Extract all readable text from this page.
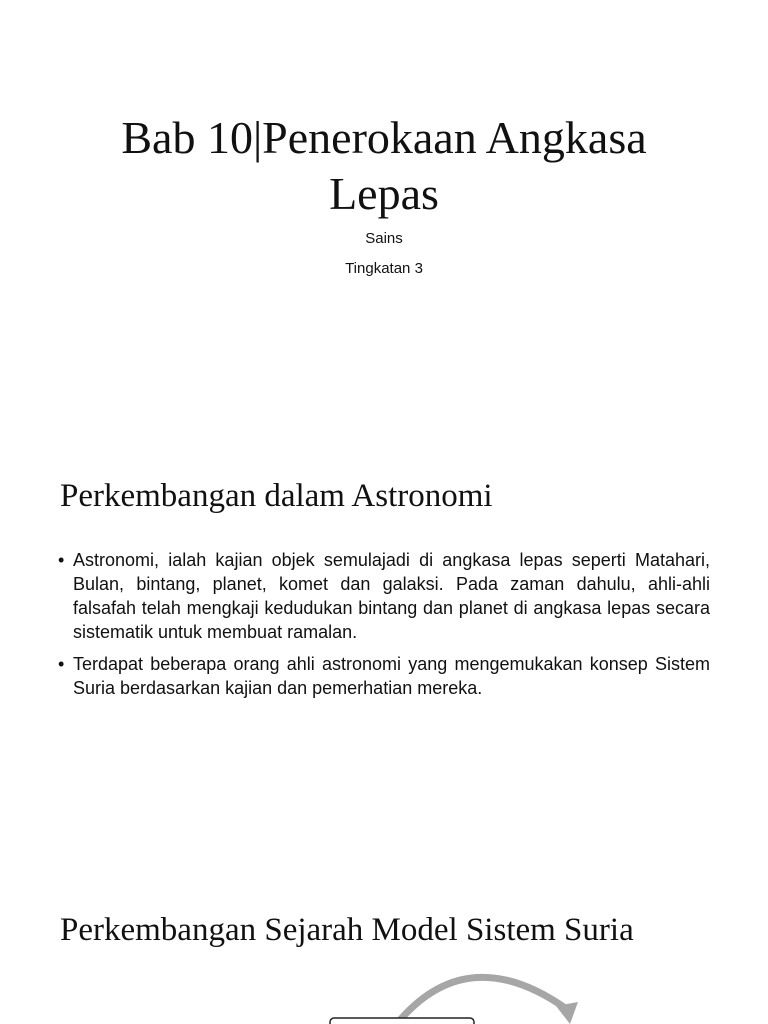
Bab 10|Penerokaan Angkasa
Lepas

Sains

Tingkatan 3

Perkembangan dalam Astronomi
• Astronomi, ialah kajian objek semulajadi di angkasa lepas seperti Matahari, Bulan, bintang, planet, komet dan galaksi. Pada zaman dahulu, ahli-ahli falsafah telah mengkaji kedudukan bintang dan planet di angkasa lepas secara sistematik untuk membuat ramalan.
• Terdapat beberapa orang ahli astronomi yang mengemukakan konsep Sistem Suria berdasarkan kajian dan pemerhatian mereka.
Perkembangan Sejarah Model Sistem Suria
